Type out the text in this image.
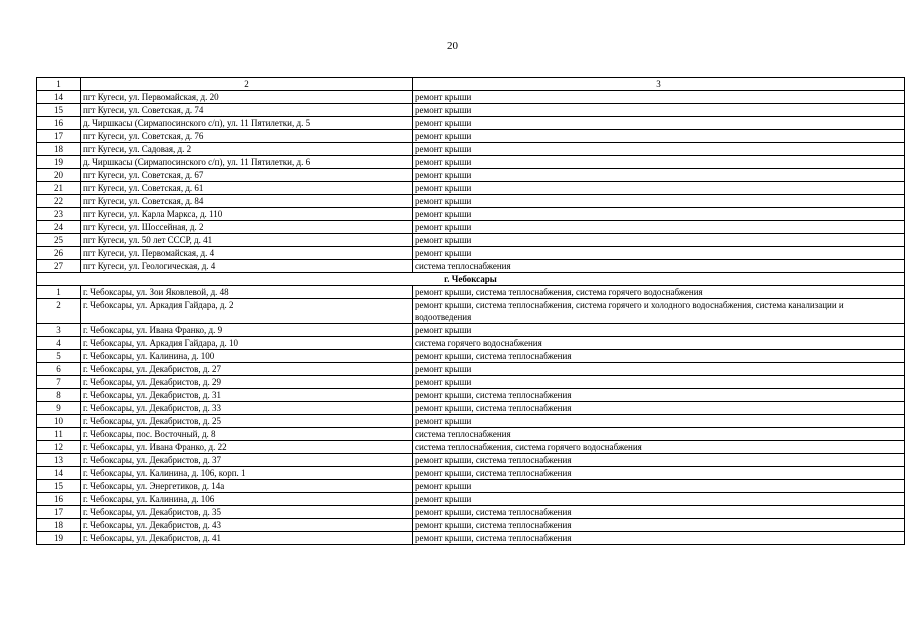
20
1	2	3
14	пгт Кугеси, ул. Первомайская, д. 20	ремонт крыши
15	пгт Кугеси, ул. Советская, д. 74	ремонт крыши
16	д. Чиршкасы (Сирмапосинского с/п), ул. 11 Пятилетки, д. 5	ремонт крыши
17	пгт Кугеси, ул. Советская, д. 76	ремонт крыши
18	пгт Кугеси, ул. Садовая, д. 2	ремонт крыши
19	д. Чиршкасы (Сирмапосинского с/п), ул. 11 Пятилетки, д. 6	ремонт крыши
20	пгт Кугеси, ул. Советская, д. 67	ремонт крыши
21	пгт Кугеси, ул. Советская, д. 61	ремонт крыши
22	пгт Кугеси, ул. Советская, д. 84	ремонт крыши
23	пгт Кугеси, ул. Карла Маркса, д. 110	ремонт крыши
24	пгт Кугеси, ул. Шоссейная, д. 2	ремонт крыши
25	пгт Кугеси, ул. 50 лет СССР, д. 41	ремонт крыши
26	пгт Кугеси, ул. Первомайская, д. 4	ремонт крыши
27	пгт Кугеси, ул. Геологическая, д. 4	система теплоснабжения
г. Чебоксары		
1	г. Чебоксары, ул. Зои Яковлевой, д. 48	ремонт крыши, система теплоснабжения, система горячего водоснабжения
2	г. Чебоксары, ул. Аркадия Гайдара, д. 2	ремонт крыши, система теплоснабжения, система горячего и холодного водоснабжения, система канализации и водоотведения
3	г. Чебоксары, ул. Ивана Франко, д. 9	ремонт крыши
4	г. Чебоксары, ул. Аркадия Гайдара, д. 10	система горячего водоснабжения
5	г. Чебоксары, ул. Калинина, д. 100	ремонт крыши, система теплоснабжения
6	г. Чебоксары, ул. Декабристов, д. 27	ремонт крыши
7	г. Чебоксары, ул. Декабристов, д. 29	ремонт крыши
8	г. Чебоксары, ул. Декабристов, д. 31	ремонт крыши, система теплоснабжения
9	г. Чебоксары, ул. Декабристов, д. 33	ремонт крыши, система теплоснабжения
10	г. Чебоксары, ул. Декабристов, д. 25	ремонт крыши
11	г. Чебоксары, пос. Восточный, д. 8	система теплоснабжения
12	г. Чебоксары, ул. Ивана Франко, д. 22	система теплоснабжения, система горячего водоснабжения
13	г. Чебоксары, ул. Декабристов, д. 37	ремонт крыши, система теплоснабжения
14	г. Чебоксары, ул. Калинина, д. 106, корп. 1	ремонт крыши, система теплоснабжения
15	г. Чебоксары, ул. Энергетиков, д. 14а	ремонт крыши
16	г. Чебоксары, ул. Калинина, д. 106	ремонт крыши
17	г. Чебоксары, ул. Декабристов, д. 35	ремонт крыши, система теплоснабжения
18	г. Чебоксары, ул. Декабристов, д. 43	ремонт крыши, система теплоснабжения
19	г. Чебоксары, ул. Декабристов, д. 41	ремонт крыши, система теплоснабжения
